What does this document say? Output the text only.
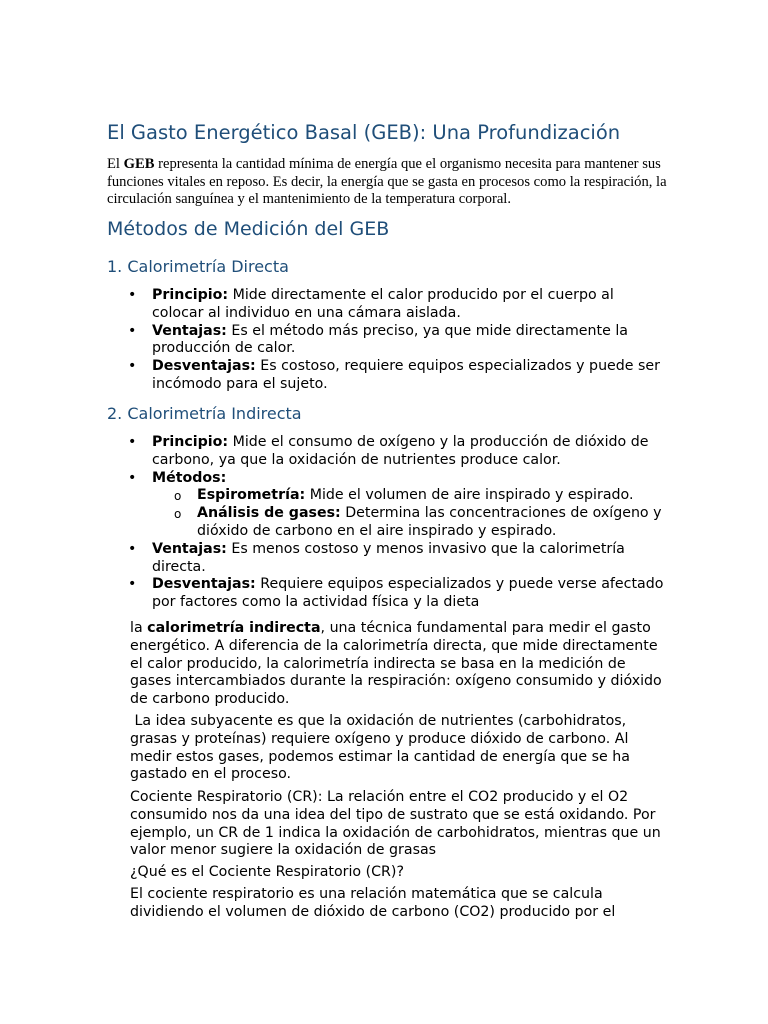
El Gasto Energético Basal (GEB): Una Profundización

El GEB representa la cantidad mínima de energía que el organismo necesita para mantener sus funciones vitales en reposo. Es decir, la energía que se gasta en procesos como la respiración, la circulación sanguínea y el mantenimiento de la temperatura corporal.

Métodos de Medición del GEB
1. Calorimetría Directa
• Principio: Mide directamente el calor producido por el cuerpo al colocar al individuo en una cámara aislada.
• Ventajas: Es el método más preciso, ya que mide directamente la producción de calor.
• Desventajas: Es costoso, requiere equipos especializados y puede ser incómodo para el sujeto.
2. Calorimetría Indirecta
• Principio: Mide el consumo de oxígeno y la producción de dióxido de carbono, ya que la oxidación de nutrientes produce calor.
• Métodos:
o Espirometría: Mide el volumen de aire inspirado y espirado.
o Análisis de gases: Determina las concentraciones de oxígeno y dióxido de carbono en el aire inspirado y espirado.
• Ventajas: Es menos costoso y menos invasivo que la calorimetría directa.
• Desventajas: Requiere equipos especializados y puede verse afectado por factores como la actividad física y la dieta

la calorimetría indirecta, una técnica fundamental para medir el gasto energético. A diferencia de la calorimetría directa, que mide directamente el calor producido, la calorimetría indirecta se basa en la medición de gases intercambiados durante la respiración: oxígeno consumido y dióxido de carbono producido.

La idea subyacente es que la oxidación de nutrientes (carbohidratos, grasas y proteínas) requiere oxígeno y produce dióxido de carbono. Al medir estos gases, podemos estimar la cantidad de energía que se ha gastado en el proceso.

Cociente Respiratorio (CR): La relación entre el CO2 producido y el O2 consumido nos da una idea del tipo de sustrato que se está oxidando. Por ejemplo, un CR de 1 indica la oxidación de carbohidratos, mientras que un valor menor sugiere la oxidación de grasas

¿Qué es el Cociente Respiratorio (CR)?

El cociente respiratorio es una relación matemática que se calcula dividiendo el volumen de dióxido de carbono (CO2) producido por el
